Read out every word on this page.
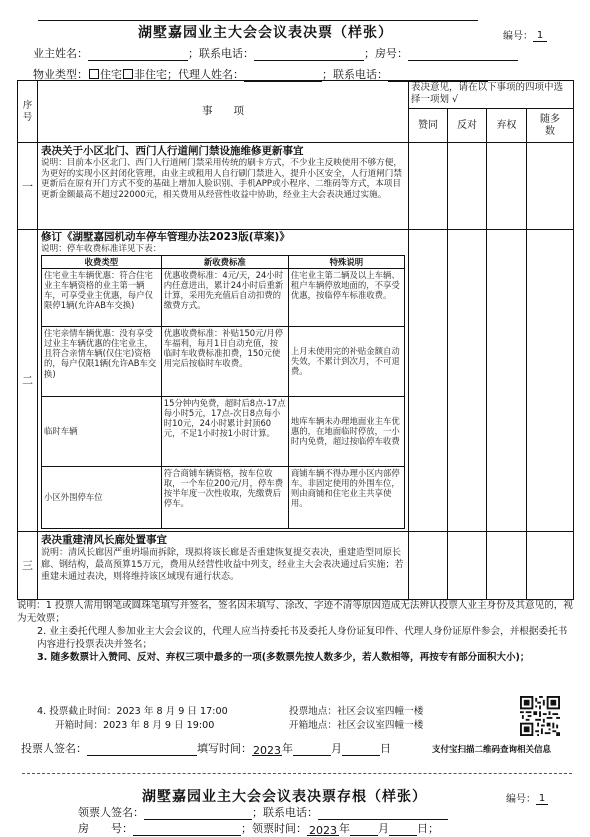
湖墅嘉园业主大会会议表决票（样张）	编号： 1
业主姓名：	；联系电话：	；房号：
物业类型： 住宅 非住宅；代理人姓名：	；联系电话：
序号	事　　项	表决意见，请在以下事项的四项中选择一项划 √
赞同	反对	弃权	随多数
一	
表决关于小区北门、西门人行道闸门禁设施维修更新事宜
说明：目前本小区北门、西门人行道闸门禁采用传统的刷卡方式，不少业主反映使用不够方便，为更好的实现小区封闭化管理，由业主或租用人自行刷门禁进入，提升小区安全，人行道闸门禁更新后在原有开门方式不变的基础上增加人脸识别、手机APP或小程序、二维码等方式，本项目更新金额最高不超过22000元，相关费用从经营性收益中协助，经业主大会表决通过实施。

二	
修订《湖墅嘉园机动车停车管理办法2023版(草案)》
说明：停车收费标准详见下表：
收费类型	新收费标准	特殊说明
住宅业主车辆优惠：符合住宅业主车辆资格的业主第一辆车，可享受业主优惠，每户仅限停1辆(允许AB车交换)	优惠收费标准：4元/天，24小时内任意进出，累计24小时后重新计算，采用先充值后自动扣费的缴费方式。	住宅业主第二辆及以上车辆、租户车辆停放地面的，不享受优惠，按临停车标准收费。
住宅亲情车辆优惠：没有享受过业主车辆优惠的住宅业主，且符合亲情车辆(仅住宅)资格的，每户仅限1辆(允许AB车交换)	优惠收费标准：补贴150元/月停车福利，每月1日自动充值，按临时车收费标准扣费，150元使用完后按临时车收费。	上月未使用完的补贴金额自动失效，不累计到次月，不可退费。
临时车辆	15分钟内免费，超时后8点-17点每小时5元，17点-次日8点每小时10元，24小时累计封顶60元，不足1小时按1小时计算。	地库车辆未办理地面业主车优惠的，在地面临时停放，一小时内免费，超过按临停车收费
小区外围停车位	符合商铺车辆资格，按车位收取，一个车位200元/月，停车费按半年度一次性收取，先缴费后停车。	商铺车辆不得办理小区内部停车。非固定使用的外围车位，则由商铺和住宅业主共享使用。

三	
表决重建清风长廊处置事宜
说明：清风长廊因严重坍塌而拆除，现拟将该长廊是否重建恢复提交表决，重建造型同原长廊、钢结构，最高预算15万元，费用从经营性收益中列支，经业主大会表决通过后实施；若重建未通过表决，则将维持该区域现有通行状态。

说明：1 投票人需用钢笔或圆珠笔填写并签名，签名因未填写、涂改、字迹不清等原因造成无法辨认投票人业主身份及其意见的，视为无效票；
2. 业主委托代理人参加业主大会会议的，代理人应当持委托书及委托人身份证复印件、代理人身份证原件参会，并根据委托书内容进行投票表决并签名；
3. 随多数票计入赞同、反对、弃权三项中最多的一项(多数票先按人数多少，若人数相等，再按专有部分面积大小)；
4. 投票截止时间：2023 年 8 月 9 日 17:00	投票地点：社区会议室四幢一楼
开箱时间：2023 年 8 月 9 日 19:00	开箱地点：社区会议室四幢一楼
投票人签名：	填写时间：2023年	月	日	支付宝扫描二维码查询相关信息
湖墅嘉园业主大会会议表决票存根（样张）	编号： 1
领票人签名：	；联系电话：
房　　号：	；领票时间： 2023 年	月	日；
